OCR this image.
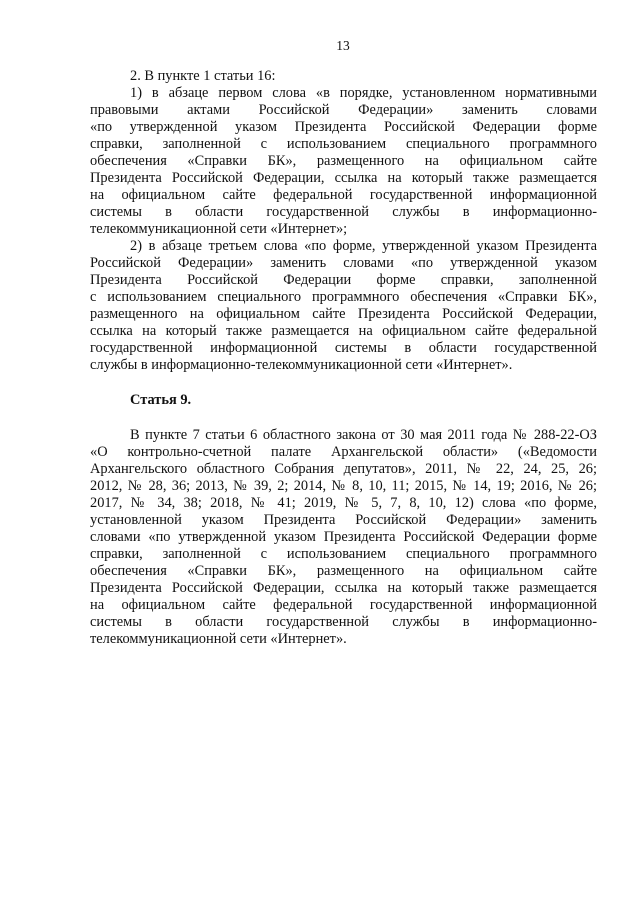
13
2. В пункте 1 статьи 16:
1) в абзаце первом слова «в порядке, установленном нормативными
правовыми актами Российской Федерации» заменить словами
«по утвержденной указом Президента Российской Федерации форме
справки, заполненной с использованием специального программного
обеспечения «Справки БК», размещенного на официальном сайте
Президента Российской Федерации, ссылка на который также размещается
на официальном сайте федеральной государственной информационной
системы в области государственной службы в информационно-
телекоммуникационной сети «Интернет»;
2) в абзаце третьем слова «по форме, утвержденной указом Президента
Российской Федерации» заменить словами «по утвержденной указом
Президента Российской Федерации форме справки, заполненной
с использованием специального программного обеспечения «Справки БК»,
размещенного на официальном сайте Президента Российской Федерации,
ссылка на который также размещается на официальном сайте федеральной
государственной информационной системы в области государственной
службы в информационно-телекоммуникационной сети «Интернет».

Статья 9.

В пункте 7 статьи 6 областного закона от 30 мая 2011 года № 288-22-ОЗ
«О контрольно-счетной палате Архангельской области» («Ведомости
Архангельского областного Собрания депутатов», 2011, № 22, 24, 25, 26;
2012, № 28, 36; 2013, № 39, 2; 2014, № 8, 10, 11; 2015, № 14, 19; 2016, № 26;
2017, № 34, 38; 2018, № 41; 2019, № 5, 7, 8, 10, 12) слова «по форме,
установленной указом Президента Российской Федерации» заменить
словами «по утвержденной указом Президента Российской Федерации форме
справки, заполненной с использованием специального программного
обеспечения «Справки БК», размещенного на официальном сайте
Президента Российской Федерации, ссылка на который также размещается
на официальном сайте федеральной государственной информационной
системы в области государственной службы в информационно-
телекоммуникационной сети «Интернет».
